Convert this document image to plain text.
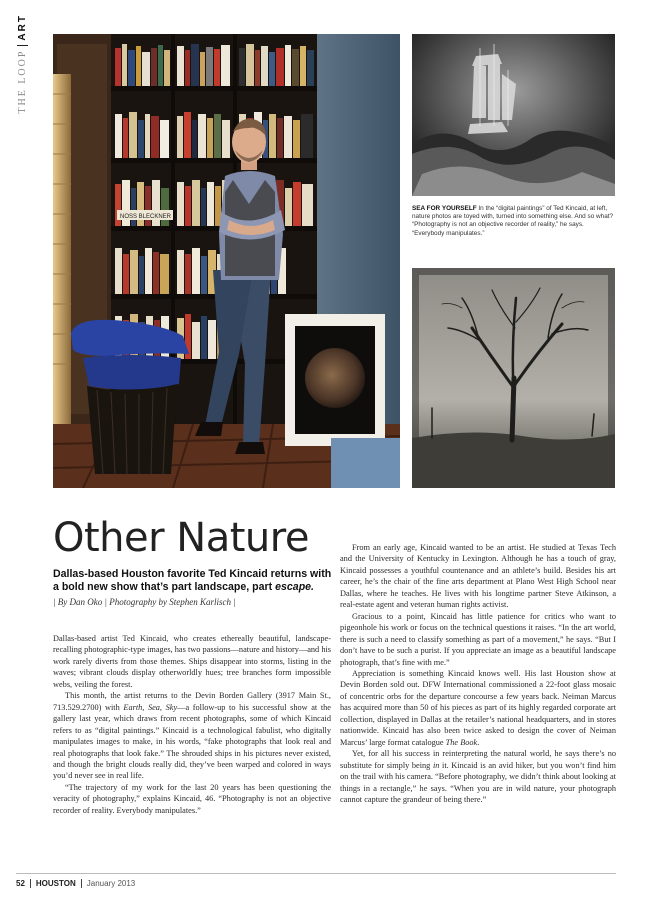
THE LOOP
ART
NOSS BLECKNER
SEA FOR YOURSELF In the “digital paintings” of Ted Kincaid, at left, nature photos are toyed with, turned into something else. And so what? “Photography is not an objective recorder of reality,” he says. “Everybody manipulates.”
Other Nature

Dallas-based Houston favorite Ted Kincaid returns with a bold new show that’s part landscape, part escape.

| By Dan Oko | Photography by Stephen Karlisch |

Dallas-based artist Ted Kincaid, who creates ethereally beautiful, landscape-recalling photographic-type images, has two passions—nature and history—and his work rarely diverts from those themes. Ships disappear into storms, listing in the waves; vibrant clouds display otherworldly hues; tree branches form impossible webs, veiling the forest.

This month, the artist returns to the Devin Borden Gallery (3917 Main St., 713.529.2700) with Earth, Sea, Sky—a follow-up to his successful show at the gallery last year, which draws from recent photographs, some of which Kincaid refers to as “digital paintings.” Kincaid is a technological fabulist, who digitally manipulates images to make, in his words, “fake photographs that look real and real photographs that look fake.” The shrouded ships in his pictures never existed, and though the bright clouds really did, they’ve been warped and colored in ways you’d never see in real life.

“The trajectory of my work for the last 20 years has been questioning the veracity of photography,” explains Kincaid, 46. “Photography is not an objective recorder of reality. Everybody manipulates.”

From an early age, Kincaid wanted to be an artist. He studied at Texas Tech and the University of Kentucky in Lexington. Although he has a touch of gray, Kincaid possesses a youthful countenance and an athlete’s build. Besides his art career, he’s the chair of the fine arts department at Plano West High School near Dallas, where he teaches. He lives with his longtime partner Steve Atkinson, a real-estate agent and veteran human rights activist.

Gracious to a point, Kincaid has little patience for critics who want to pigeonhole his work or focus on the technical questions it raises. “In the art world, there is such a need to classify something as part of a movement,” he says. “But I don’t have to be such a purist. If you appreciate an image as a beautiful landscape photograph, that’s fine with me.”

Appreciation is something Kincaid knows well. His last Houston show at Devin Borden sold out. DFW International commissioned a 22-foot glass mosaic of concentric orbs for the departure concourse a few years back. Neiman Marcus has acquired more than 50 of his pieces as part of its highly regarded corporate art collection, displayed in Dallas at the retailer’s national headquarters, and in stores nationwide. Kincaid has also been twice asked to design the cover of Neiman Marcus’ large format catalogue The Book.

Yet, for all his success in reinterpreting the natural world, he says there’s no substitute for simply being in it. Kincaid is an avid hiker, but you won’t find him on the trail with his camera. “Before photography, we didn’t think about looking at things in a rectangle,” he says. “When you are in wild nature, your photograph cannot capture the grandeur of being there.”

52 HOUSTON January 2013
